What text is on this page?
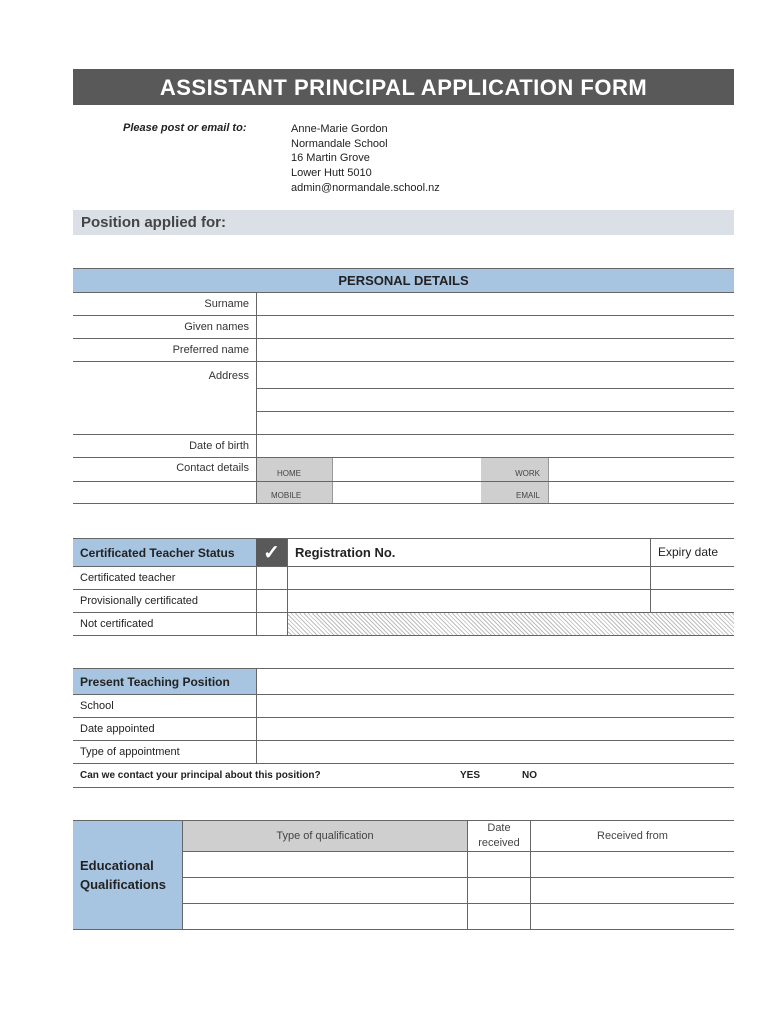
ASSISTANT PRINCIPAL APPLICATION FORM
Please post or email to:	Anne-Marie Gordon
Normandale School
16 Martin Grove
Lower Hutt 5010
admin@normandale.school.nz
Position applied for:
PERSONAL DETAILS				
Surname				
Given names				
Preferred name				
Address				

Date of birth				
Contact details	HOME		WORK	
	MOBILE		EMAIL	
Certificated Teacher Status	✓	Registration No.	Expiry date
Certificated teacher			
Provisionally certificated			
Not certificated			
Present Teaching Position				
School				
Date appointed				
Type of appointment				
Can we contact your principal about this position?		YES	NO	
Educational Qualifications	Type of qualification	Date received	Received from
